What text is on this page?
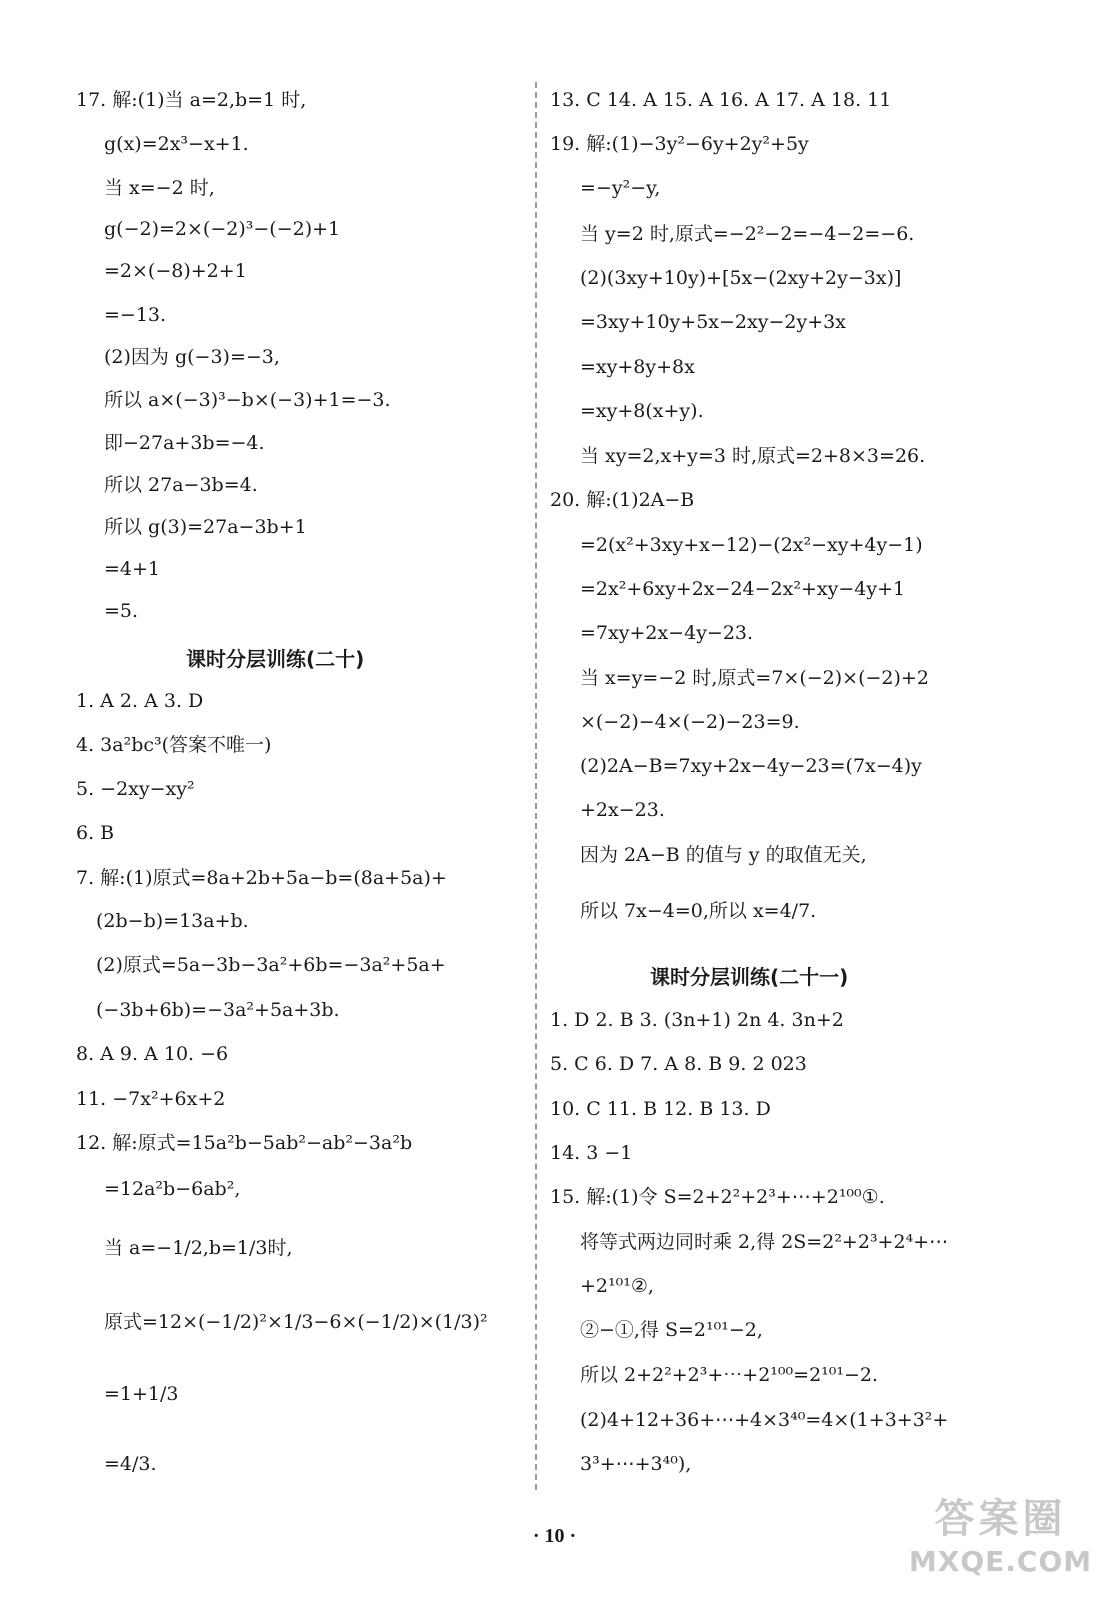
17. 解:(1)当 a=2,b=1 时,
g(x)=2x³−x+1.
当 x=−2 时,
g(−2)=2×(−2)³−(−2)+1
=2×(−8)+2+1
=−13.
(2)因为 g(−3)=−3,
所以 a×(−3)³−b×(−3)+1=−3.
即−27a+3b=−4.
所以 27a−3b=4.
所以 g(3)=27a−3b+1
=4+1
=5.
课时分层训练(二十)
1. A 2. A 3. D
4. 3a²bc³(答案不唯一)
5. −2xy−xy²
6. B
7. 解:(1)原式=8a+2b+5a−b=(8a+5a)+
(2b−b)=13a+b.
(2)原式=5a−3b−3a²+6b=−3a²+5a+
(−3b+6b)=−3a²+5a+3b.
8. A 9. A 10. −6
11. −7x²+6x+2
12. 解:原式=15a²b−5ab²−ab²−3a²b
=12a²b−6ab²,
当 a=−1/2,b=1/3时,
原式=12×(−1/2)²×1/3−6×(−1/2)×(1/3)²
=1+1/3
=4/3.
13. C 14. A 15. A 16. A 17. A 18. 11
19. 解:(1)−3y²−6y+2y²+5y
=−y²−y,
当 y=2 时,原式=−2²−2=−4−2=−6.
(2)(3xy+10y)+[5x−(2xy+2y−3x)]
=3xy+10y+5x−2xy−2y+3x
=xy+8y+8x
=xy+8(x+y).
当 xy=2,x+y=3 时,原式=2+8×3=26.
20. 解:(1)2A−B
=2(x²+3xy+x−12)−(2x²−xy+4y−1)
=2x²+6xy+2x−24−2x²+xy−4y+1
=7xy+2x−4y−23.
当 x=y=−2 时,原式=7×(−2)×(−2)+2
×(−2)−4×(−2)−23=9.
(2)2A−B=7xy+2x−4y−23=(7x−4)y
+2x−23.
因为 2A−B 的值与 y 的取值无关,
所以 7x−4=0,所以 x=4/7.
课时分层训练(二十一)
1. D 2. B 3. (3n+1) 2n 4. 3n+2
5. C 6. D 7. A 8. B 9. 2 023
10. C 11. B 12. B 13. D
14. 3 −1
15. 解:(1)令 S=2+2²+2³+⋯+2¹⁰⁰①.
将等式两边同时乘 2,得 2S=2²+2³+2⁴+⋯
+2¹⁰¹②,
②−①,得 S=2¹⁰¹−2,
所以 2+2²+2³+⋯+2¹⁰⁰=2¹⁰¹−2.
(2)4+12+36+⋯+4×3⁴⁰=4×(1+3+3²+
3³+⋯+3⁴⁰),
· 10 ·	答案圈
MXQE.COM
